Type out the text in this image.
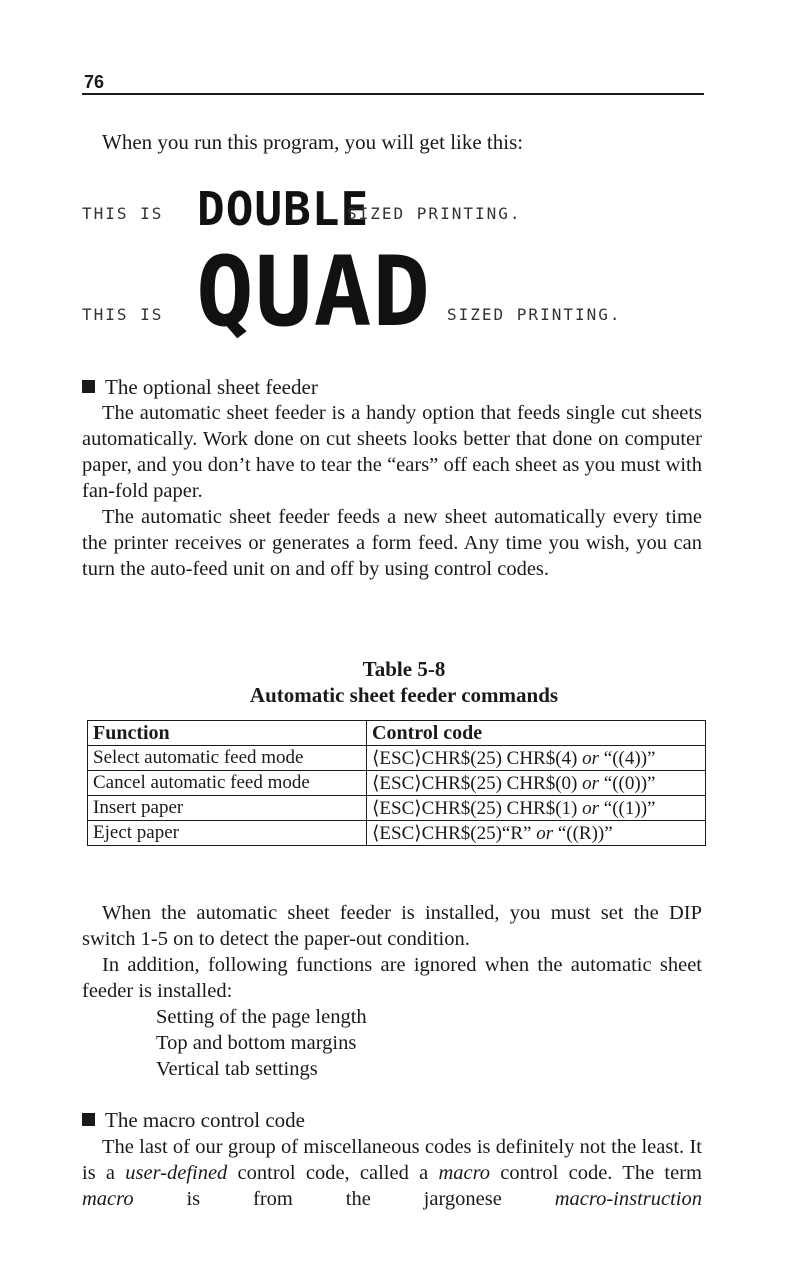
76
When you run this program, you will get like this:
THIS IS DOUBLE
SIZED PRINTING.
THIS IS QUAD SIZED PRINTING.
The optional sheet feeder

The automatic sheet feeder is a handy option that feeds single cut sheets automatically. Work done on cut sheets looks better that done on computer paper, and you don’t have to tear the “ears” off each sheet as you must with fan-fold paper.

The automatic sheet feeder feeds a new sheet automatically every time the printer receives or generates a form feed. Any time you wish, you can turn the auto-feed unit on and off by using control codes.

Table 5-8
Automatic sheet feeder commands
Function	Control code
Select automatic feed mode	⟨ESC⟩CHR$(25) CHR$(4) or “((4))”
Cancel automatic feed mode	⟨ESC⟩CHR$(25) CHR$(0) or “((0))”
Insert paper	⟨ESC⟩CHR$(25) CHR$(1) or “((1))”
Eject paper	⟨ESC⟩CHR$(25)“R” or “((R))”

When the automatic sheet feeder is installed, you must set the DIP switch 1-5 on to detect the paper-out condition.

In addition, following functions are ignored when the automatic sheet feeder is installed:

Setting of the page length
Top and bottom margins
Vertical tab settings
The macro control code

The last of our group of miscellaneous codes is definitely not the least. It is a user-defined control code, called a macro control code. The term macro is from the jargonese macro-instruction
